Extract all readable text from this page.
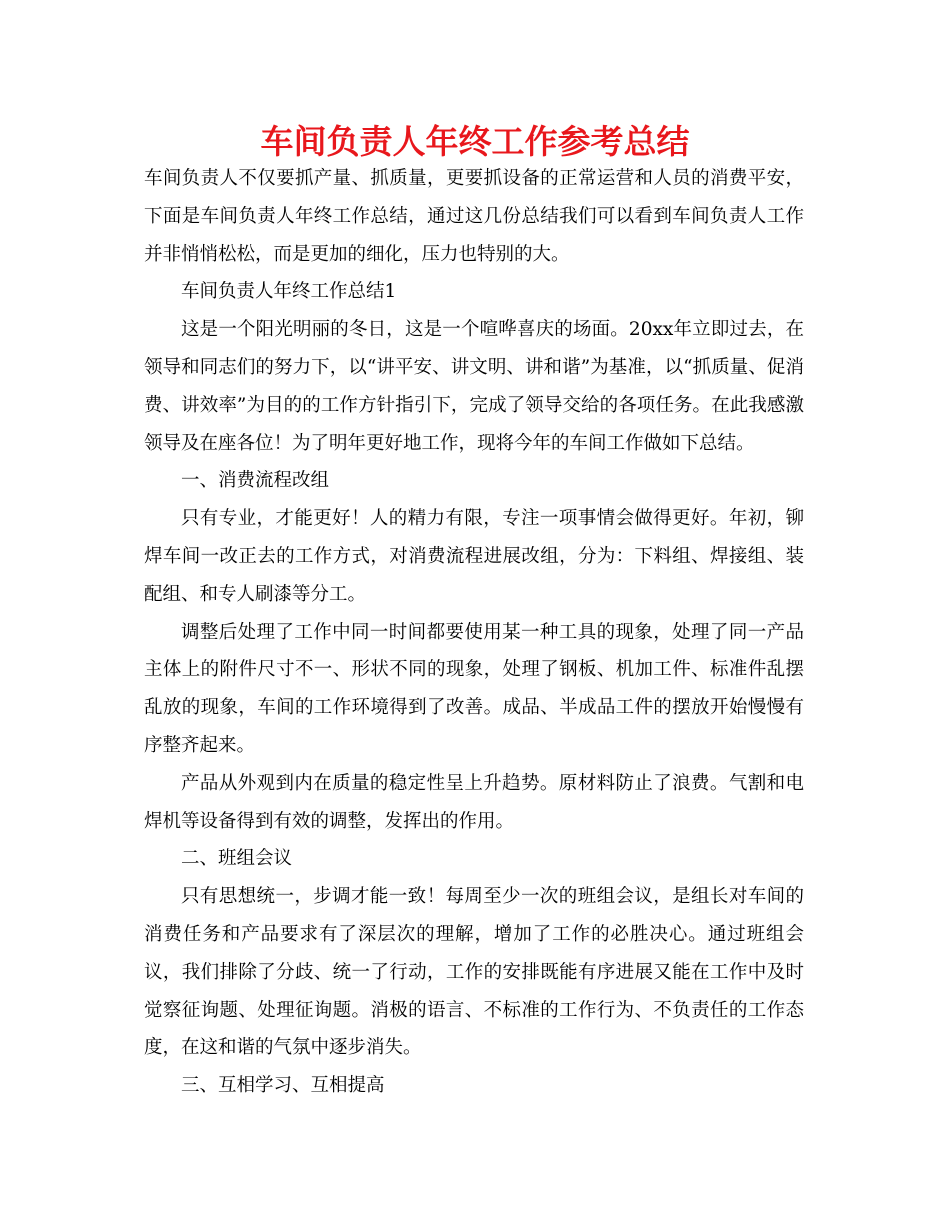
车间负责人年终工作参考总结

车间负责人不仅要抓产量、抓质量，更要抓设备的正常运营和人员的消费平安，下面是车间负责人年终工作总结，通过这几份总结我们可以看到车间负责人工作并非悄悄松松，而是更加的细化，压力也特别的大。

车间负责人年终工作总结1

这是一个阳光明丽的冬日，这是一个喧哗喜庆的场面。20xx年立即过去，在领导和同志们的努力下，以“讲平安、讲文明、讲和谐”为基准，以“抓质量、促消费、讲效率”为目的的工作方针指引下，完成了领导交给的各项任务。在此我感激领导及在座各位！为了明年更好地工作，现将今年的车间工作做如下总结。

一、消费流程改组

只有专业，才能更好！人的精力有限，专注一项事情会做得更好。年初，铆焊车间一改正去的工作方式，对消费流程进展改组，分为：下料组、焊接组、装配组、和专人刷漆等分工。

调整后处理了工作中同一时间都要使用某一种工具的现象，处理了同一产品主体上的附件尺寸不一、形状不同的现象，处理了钢板、机加工件、标准件乱摆乱放的现象，车间的工作环境得到了改善。成品、半成品工件的摆放开始慢慢有序整齐起来。

产品从外观到内在质量的稳定性呈上升趋势。原材料防止了浪费。气割和电焊机等设备得到有效的调整，发挥出的作用。

二、班组会议

只有思想统一，步调才能一致！每周至少一次的班组会议，是组长对车间的消费任务和产品要求有了深层次的理解，增加了工作的必胜决心。通过班组会议，我们排除了分歧、统一了行动，工作的安排既能有序进展又能在工作中及时觉察征询题、处理征询题。消极的语言、不标准的工作行为、不负责任的工作态度，在这和谐的气氛中逐步消失。

三、互相学习、互相提高
